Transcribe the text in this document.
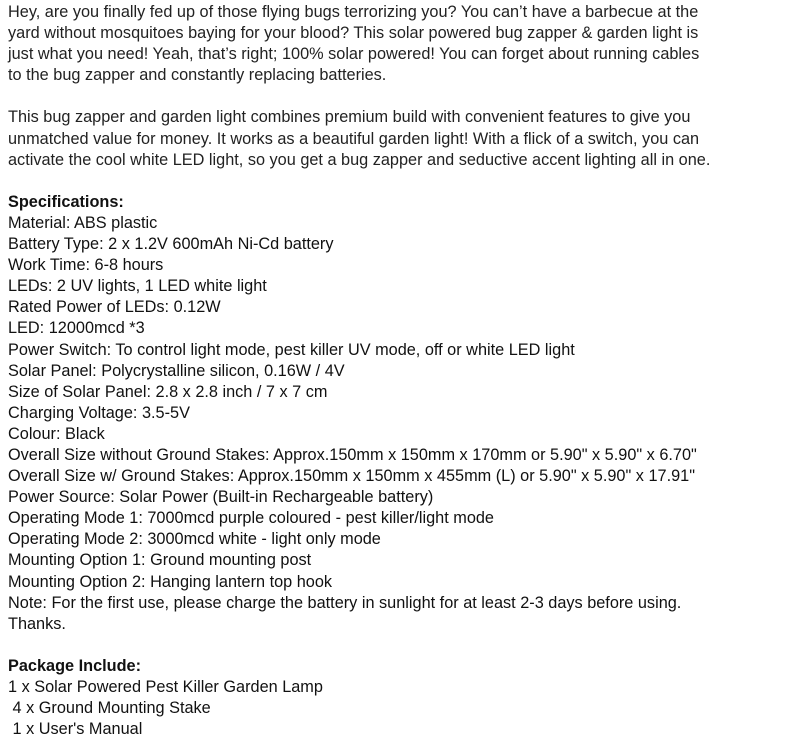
Hey, are you finally fed up of those flying bugs terrorizing you? You can’t have a barbecue at the
yard without mosquitoes baying for your blood? This solar powered bug zapper & garden light is
just what you need! Yeah, that’s right; 100% solar powered! You can forget about running cables
to the bug zapper and constantly replacing batteries.
This bug zapper and garden light combines premium build with convenient features to give you
unmatched value for money. It works as a beautiful garden light! With a flick of a switch, you can
activate the cool white LED light, so you get a bug zapper and seductive accent lighting all in one.
Specifications:
Material: ABS plastic
Battery Type: 2 x 1.2V 600mAh Ni-Cd battery
Work Time: 6-8 hours
LEDs: 2 UV lights, 1 LED white light
Rated Power of LEDs: 0.12W
LED: 12000mcd *3
Power Switch: To control light mode, pest killer UV mode, off or white LED light
Solar Panel: Polycrystalline silicon, 0.16W / 4V
Size of Solar Panel: 2.8 x 2.8 inch / 7 x 7 cm
Charging Voltage: 3.5-5V
Colour: Black
Overall Size without Ground Stakes: Approx.150mm x 150mm x 170mm or 5.90" x 5.90" x 6.70"
Overall Size w/ Ground Stakes: Approx.150mm x 150mm x 455mm (L) or 5.90" x 5.90" x 17.91"
Power Source: Solar Power (Built-in Rechargeable battery)
Operating Mode 1: 7000mcd purple coloured - pest killer/light mode
Operating Mode 2: 3000mcd white - light only mode
Mounting Option 1: Ground mounting post
Mounting Option 2: Hanging lantern top hook
Note: For the first use, please charge the battery in sunlight for at least 2-3 days before using.
Thanks.
Package Include:
1 x Solar Powered Pest Killer Garden Lamp
4 x Ground Mounting Stake
1 x User's Manual
